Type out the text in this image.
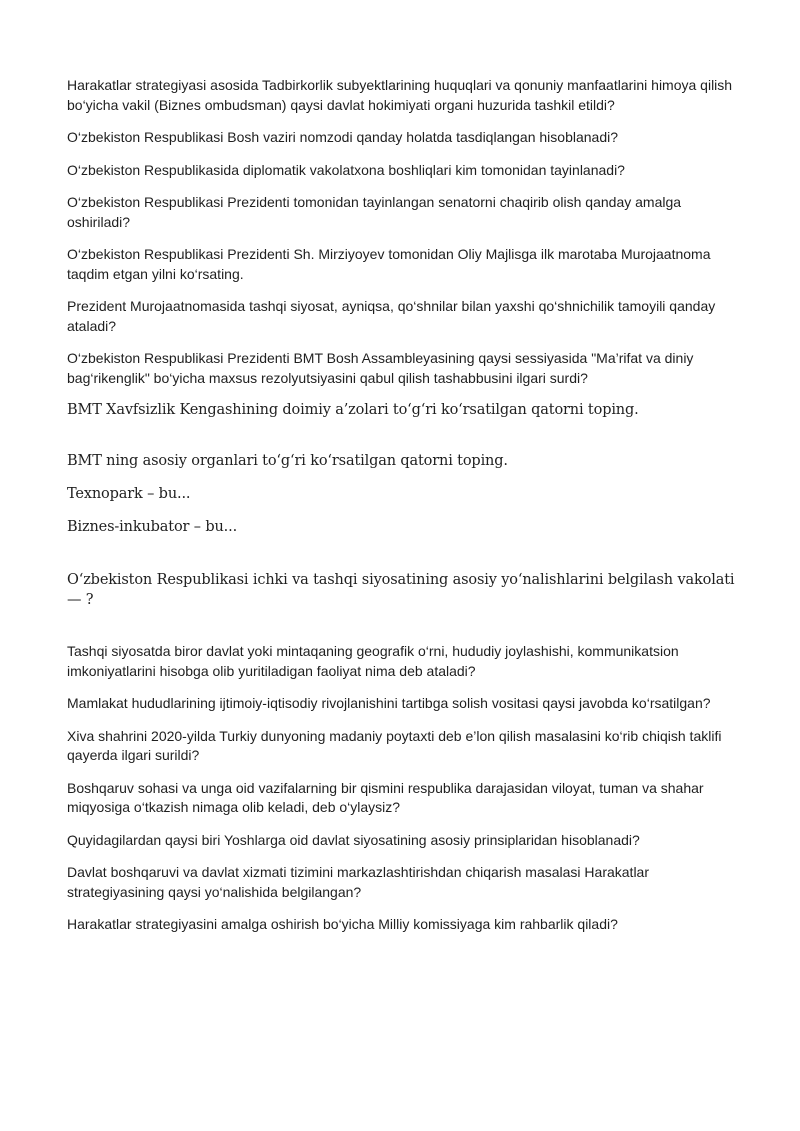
Harakatlar strategiyasi asosida Tadbirkorlik subyektlarining huquqlari va qonuniy manfaatlarini himoya qilish bo‘yicha vakil (Biznes ombudsman) qaysi davlat hokimiyati organi huzurida tashkil etildi?

O‘zbekiston Respublikasi Bosh vaziri nomzodi qanday holatda tasdiqlangan hisoblanadi?

O‘zbekiston Respublikasida diplomatik vakolatxona boshliqlari kim tomonidan tayinlanadi?

O‘zbekiston Respublikasi Prezidenti tomonidan tayinlangan senatorni chaqirib olish qanday amalga oshiriladi?

O‘zbekiston Respublikasi Prezidenti Sh. Mirziyoyev tomonidan Oliy Majlisga ilk marotaba Murojaatnoma taqdim etgan yilni ko‘rsating.

Prezident Murojaatnomasida tashqi siyosat, ayniqsa, qo‘shnilar bilan yaxshi qo‘shnichilik tamoyili qanday ataladi?

O‘zbekiston Respublikasi Prezidenti BMT Bosh Assambleyasining qaysi sessiyasida "Ma’rifat va diniy bag‘rikenglik" bo‘yicha maxsus rezolyutsiyasini qabul qilish tashabbusini ilgari surdi?

BMT Xavfsizlik Kengashining doimiy a’zolari to‘g‘ri ko‘rsatilgan qatorni toping.

BMT ning asosiy organlari to‘g‘ri ko‘rsatilgan qatorni toping.

Texnopark – bu...

Biznes-inkubator – bu...

O‘zbekiston Respublikasi ichki va tashqi siyosatining asosiy yo‘nalishlarini belgilash vakolati — ?

Tashqi siyosatda biror davlat yoki mintaqaning geografik o‘rni, hududiy joylashishi, kommunikatsion imkoniyatlarini hisobga olib yuritiladigan faoliyat nima deb ataladi?

Mamlakat hududlarining ijtimoiy-iqtisodiy rivojlanishini tartibga solish vositasi qaysi javobda ko‘rsatilgan?

Xiva shahrini 2020-yilda Turkiy dunyoning madaniy poytaxti deb e’lon qilish masalasini ko‘rib chiqish taklifi qayerda ilgari surildi?

Boshqaruv sohasi va unga oid vazifalarning bir qismini respublika darajasidan viloyat, tuman va shahar miqyosiga o‘tkazish nimaga olib keladi, deb o‘ylaysiz?

Quyidagilardan qaysi biri Yoshlarga oid davlat siyosatining asosiy prinsiplaridan hisoblanadi?

Davlat boshqaruvi va davlat xizmati tizimini markazlashtirishdan chiqarish masalasi Harakatlar strategiyasining qaysi yo‘nalishida belgilangan?

Harakatlar strategiyasini amalga oshirish bo‘yicha Milliy komissiyaga kim rahbarlik qiladi?
